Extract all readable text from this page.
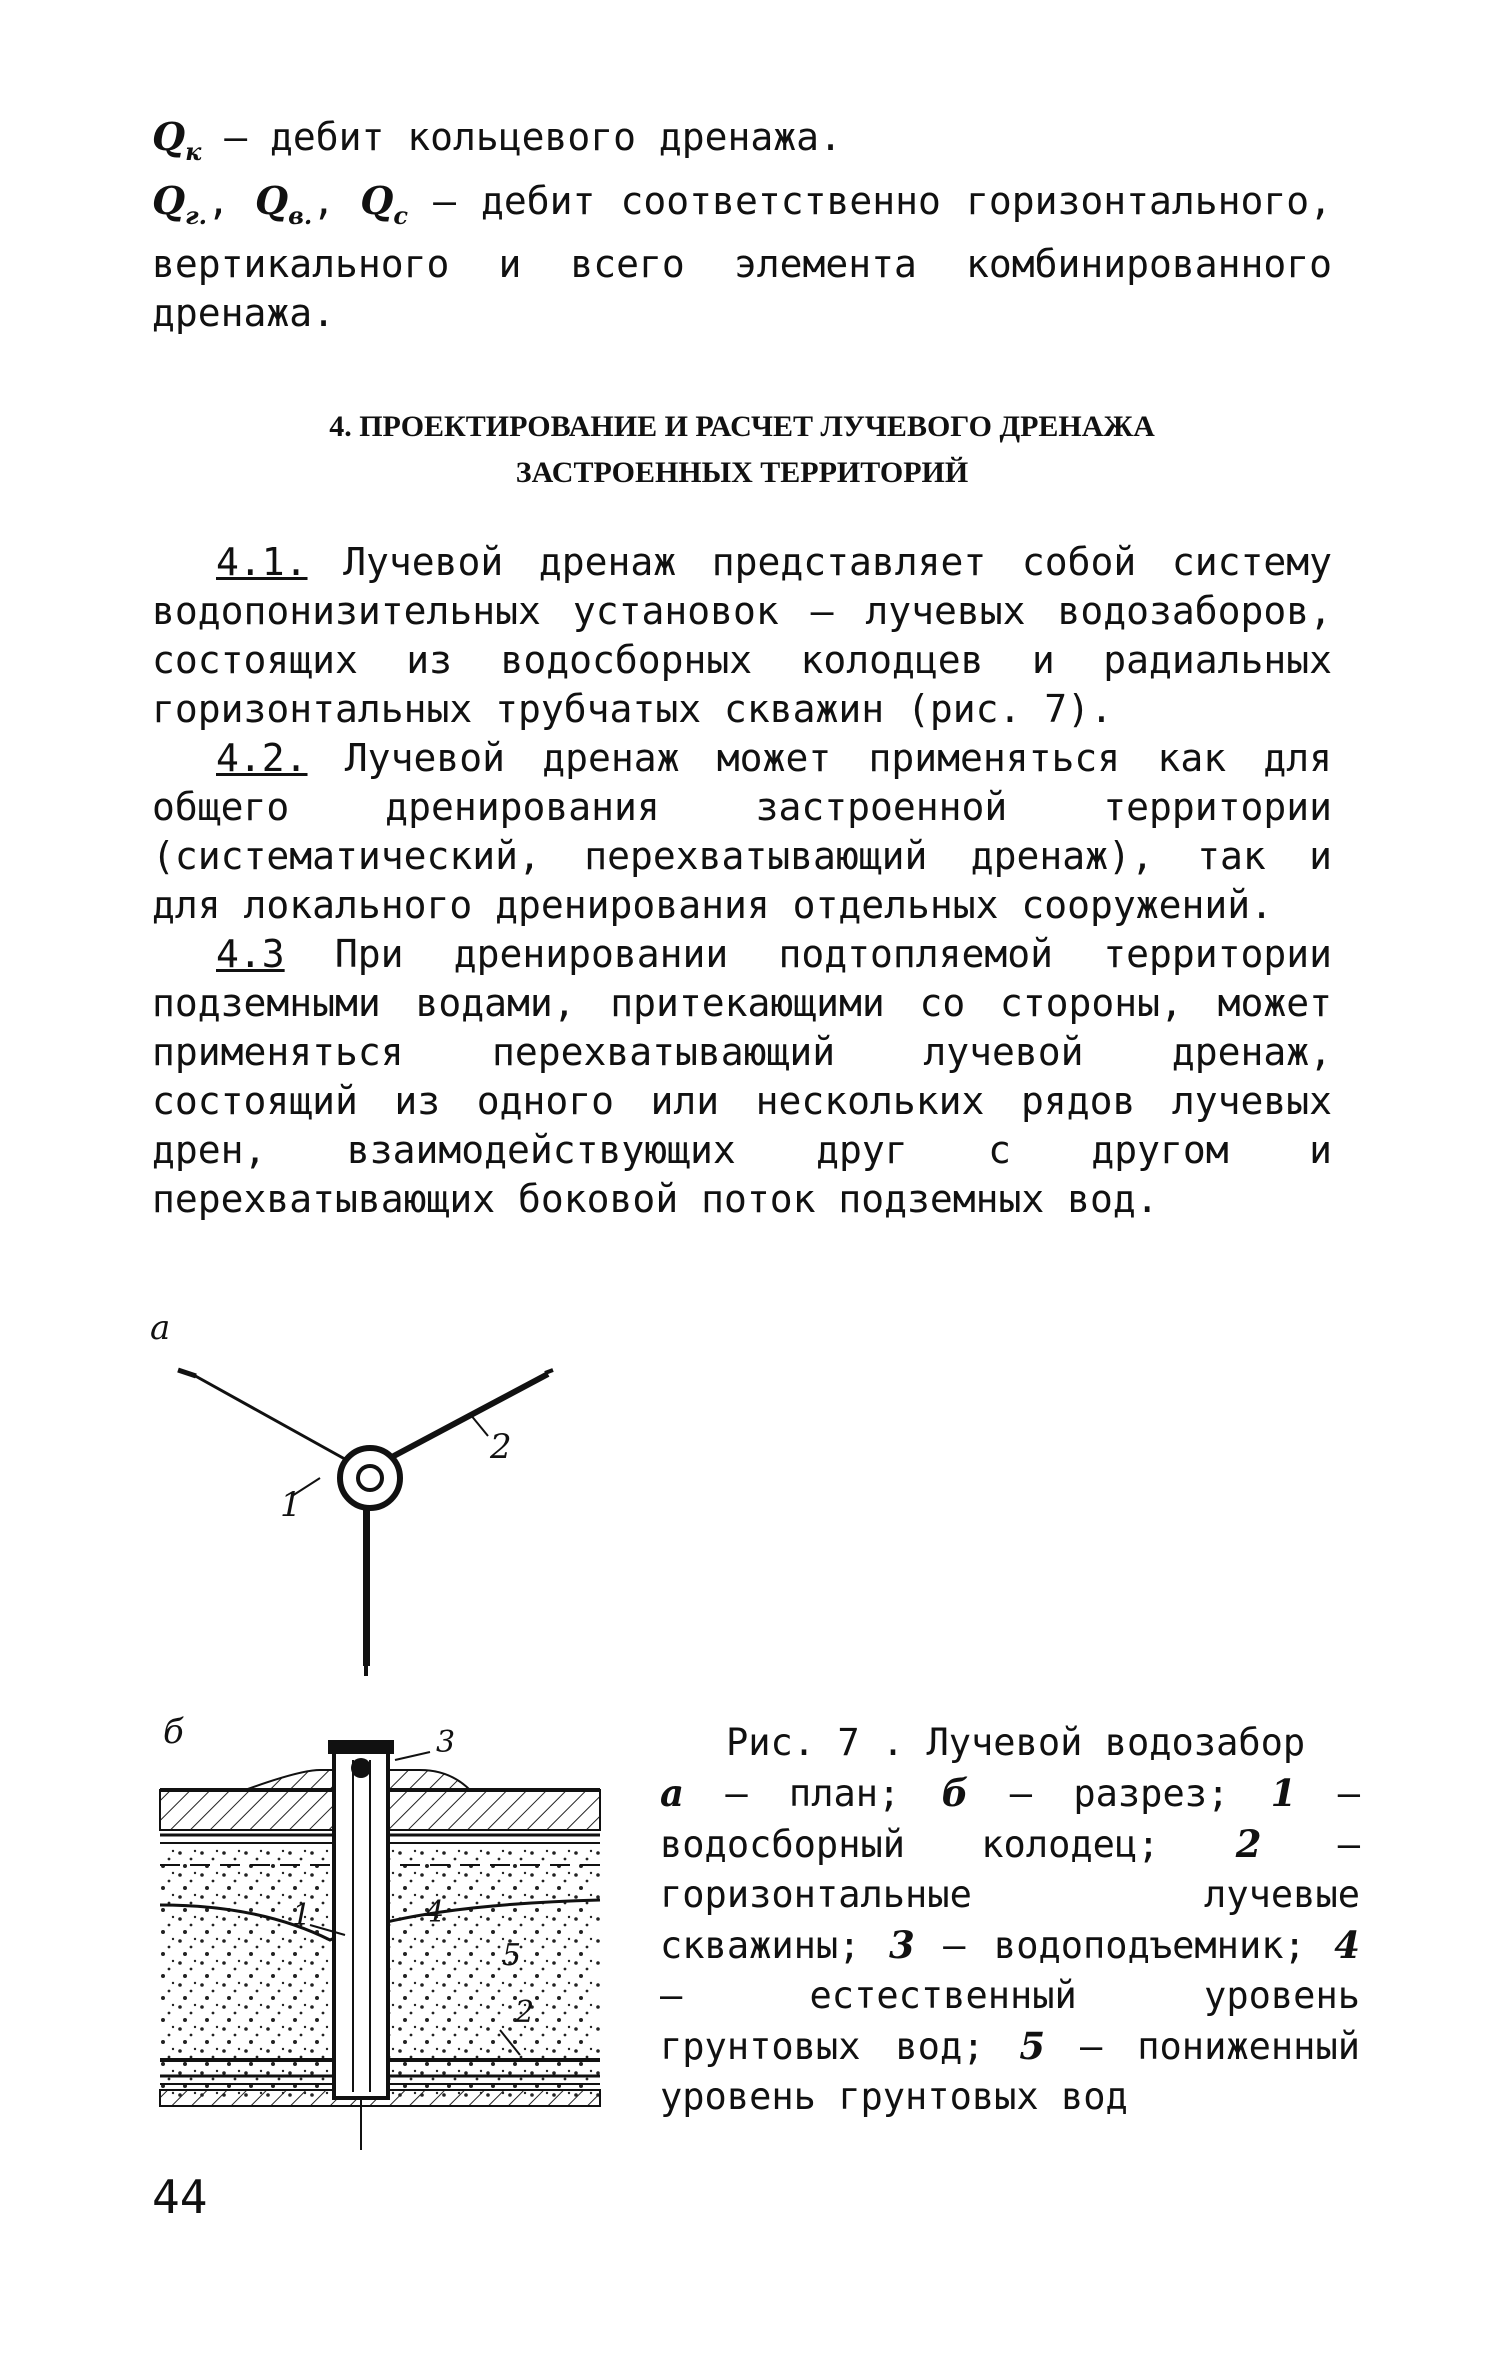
$Q_к$ – дебит кольцевого дренажа.

$Q_{г.}$, $Q_{в.}$, $Q_с$ – дебит соответственно горизонтального, вертикального и всего элемента комбинированного дренажа.

4. ПРОЕКТИРОВАНИЕ И РАСЧЕТ ЛУЧЕВОГО ДРЕНАЖА
ЗАСТРОЕННЫХ ТЕРРИТОРИЙ

4.1. Лучевой дренаж представляет собой систему водопонизительных установок – лучевых водозаборов, состоящих из водосборных колодцев и радиальных горизонтальных трубчатых скважин (рис. 7).

4.2. Лучевой дренаж может применяться как для общего дренирования застроенной территории (систематический, перехватывающий дренаж), так и для локального дренирования отдельных сооружений.

4.3 При дренировании подтопляемой территории подземными водами, притекающими со стороны, может применяться перехватывающий лучевой дренаж, состоящий из одного или нескольких рядов лучевых дрен, взаимодействующих друг с другом и перехватывающих боковой поток подземных вод.

а
1
2
б	3
1	4
5
2
Рис. 7 . Лучевой водозабор
а – план; б – разрез; 1 – водосборный колодец; 2 – горизонтальные лучевые скважины; 3 – водоподъемник; 4 – естественный уровень грунтовых вод; 5 – пониженный уровень грунтовых вод
44
